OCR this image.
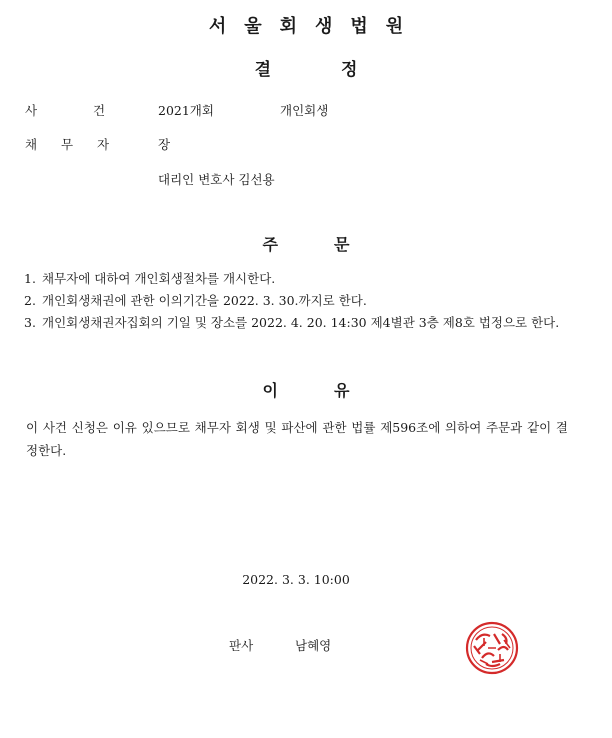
서울회생법원
결	정
사	건	2021개회	개인회생
채 무 자	장
대리인 변호사 김선용
주	문
1. 채무자에 대하여 개인회생절차를 개시한다.
2. 개인회생채권에 관한 이의기간을 2022. 3. 30.까지로 한다.
3. 개인회생채권자집회의 기일 및 장소를 2022. 4. 20. 14:30 제4별관 3층 제8호 법정으로 한다.
이	유
이 사건 신청은 이유 있으므로 채무자 회생 및 파산에 관한 법률 제596조에 의하여 주문과 같이 결정한다.
2022. 3. 3. 10:00
판사	남혜영
